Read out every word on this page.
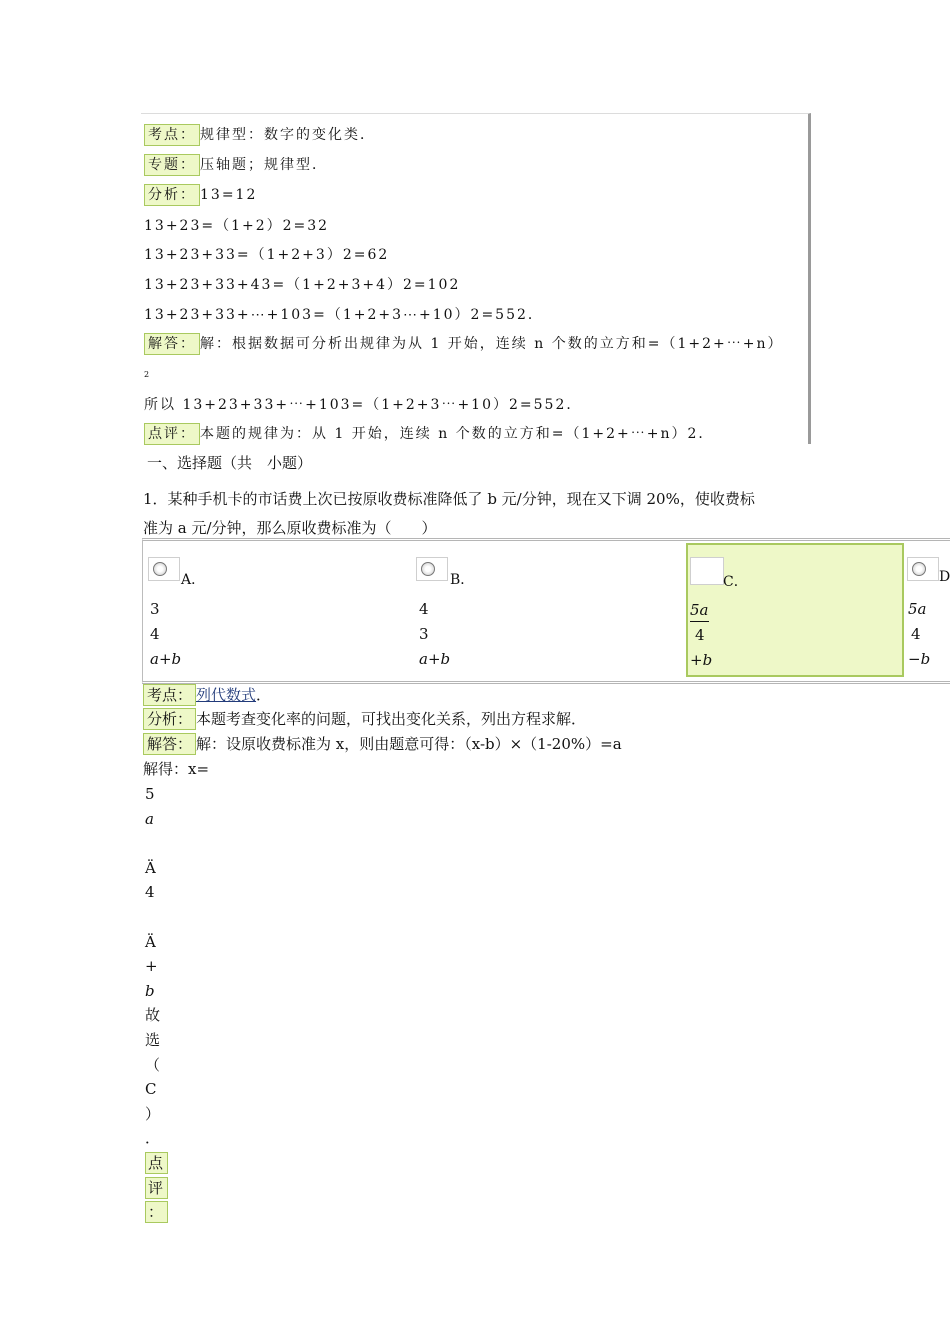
考点： 规律型：数字的变化类．
专题： 压轴题；规律型．
分析： 13=12
13+23=（1+2）2=32
13+23+33=（1+2+3）2=62
13+23+33+43=（1+2+3+4）2=102
13+23+33+⋯+103=（1+2+3⋯+10）2=552．
解答： 解：根据数据可分析出规律为从 1 开始，连续 n 个数的立方和=（1+2+⋯+n）
2
所以 13+23+33+⋯+103=（1+2+3⋯+10）2=552．
点评： 本题的规律为：从 1 开始，连续 n 个数的立方和=（1+2+⋯+n）2．
一、选择题（共　小题）
1．某种手机卡的市话费上次已按原收费标准降低了 b 元/分钟，现在又下调 20%，使收费标
准为 a 元/分钟，那么原收费标准为（　　）
A．
3
4
a+b
B．
4
3
a+b
C．
5a
4
+b
D
5a
4
−b
考点： 列代数式．
分析： 本题考查变化率的问题，可找出变化关系，列出方程求解．
解答： 解：设原收费标准为 x，则由题意可得：（x-b）×（1-20%）=a
解得：x=
5
a
Ä
4
Ä
+
b
故
选
（
C
）
．
点
评
：
